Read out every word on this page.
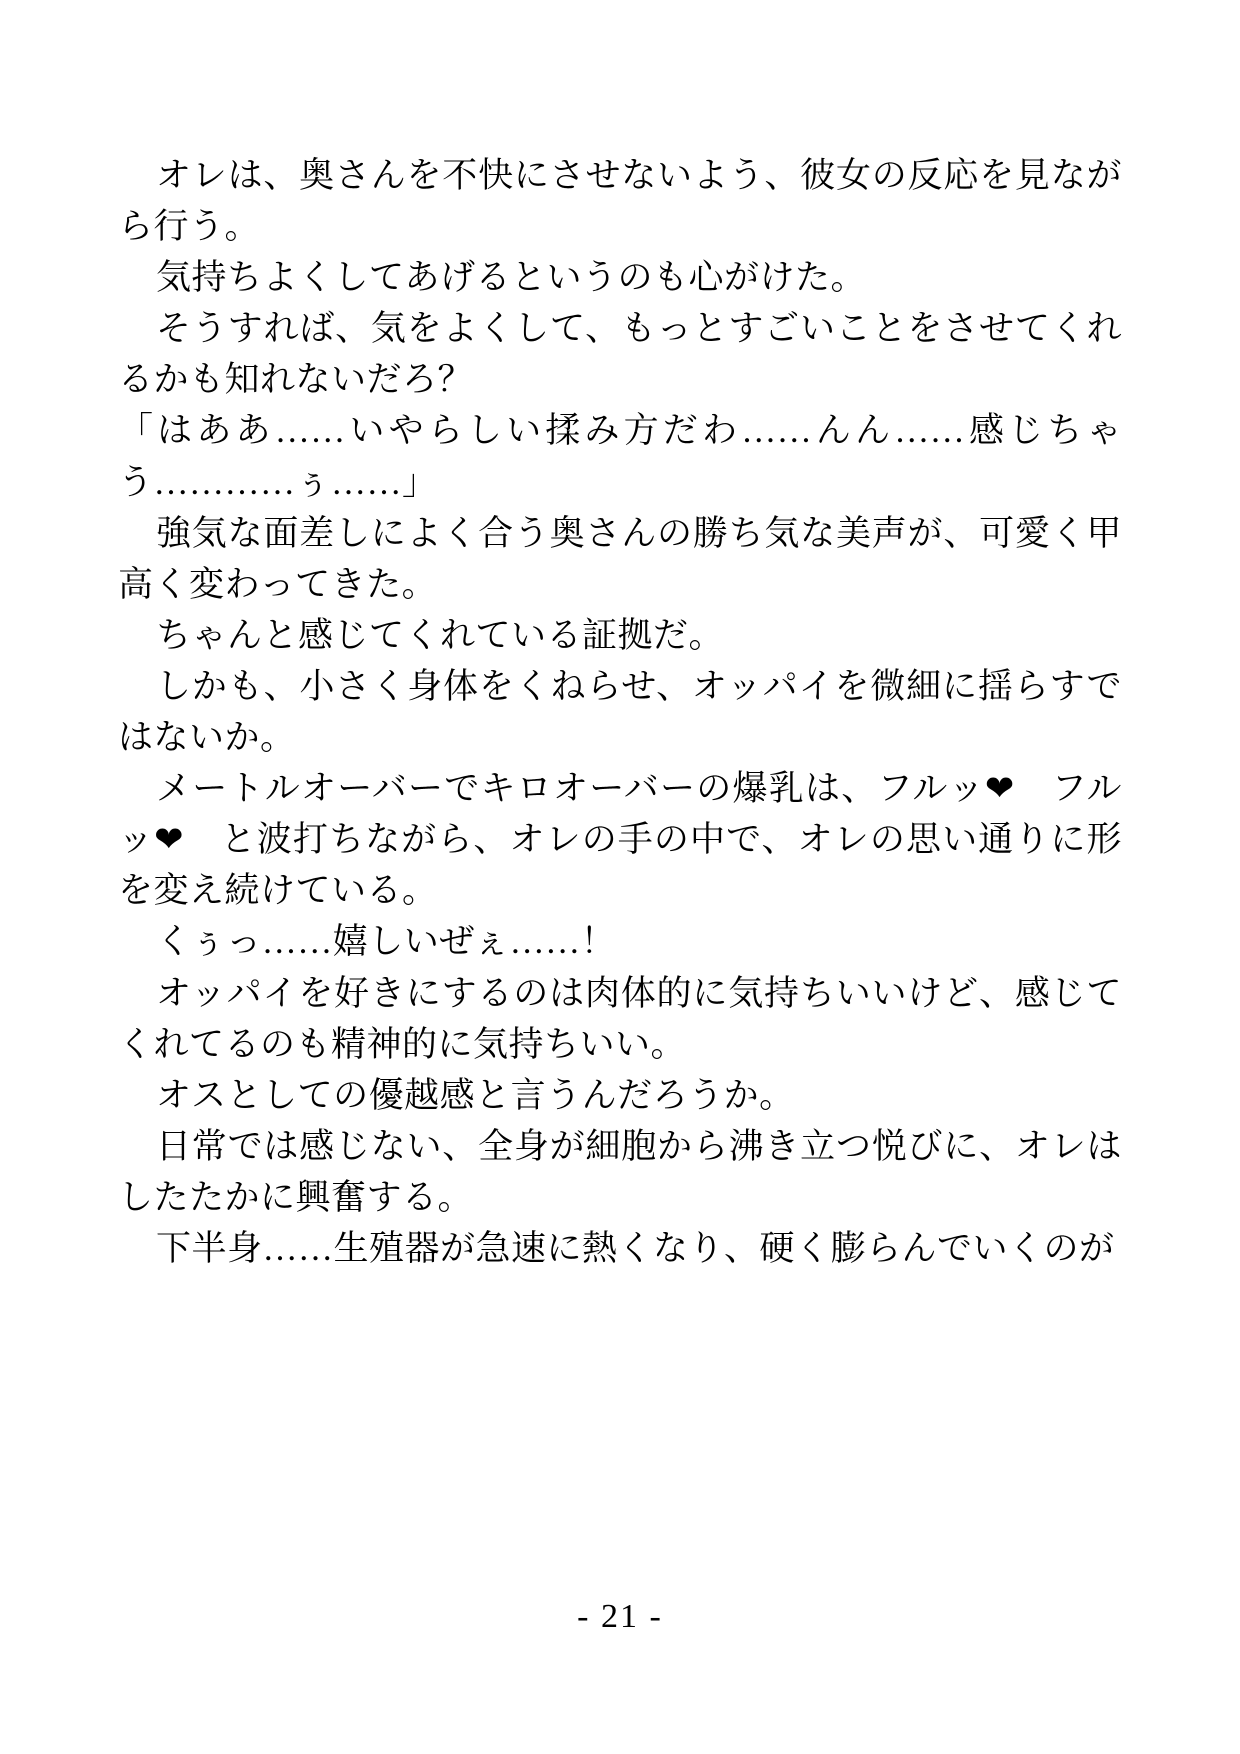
オレは、奥さんを不快にさせないよう、彼女の反応を見ながら行う。

気持ちよくしてあげるというのも心がけた。

そうすれば、気をよくして、もっとすごいことをさせてくれるかも知れないだろ？

「はああ……いやらしい揉み方だわ……んん……感じちゃう…………ぅ……」

強気な面差しによく合う奥さんの勝ち気な美声が、可愛く甲高く変わってきた。

ちゃんと感じてくれている証拠だ。

しかも、小さく身体をくねらせ、オッパイを微細に揺らすではないか。

メートルオーバーでキロオーバーの爆乳は、フルッ❤　フルッ❤　と波打ちながら、オレの手の中で、オレの思い通りに形を変え続けている。

くぅっ……嬉しいぜぇ……！

オッパイを好きにするのは肉体的に気持ちいいけど、感じてくれてるのも精神的に気持ちいい。

オスとしての優越感と言うんだろうか。

日常では感じない、全身が細胞から沸き立つ悦びに、オレはしたたかに興奮する。

下半身……生殖器が急速に熱くなり、硬く膨らんでいくのが

- 21 -
